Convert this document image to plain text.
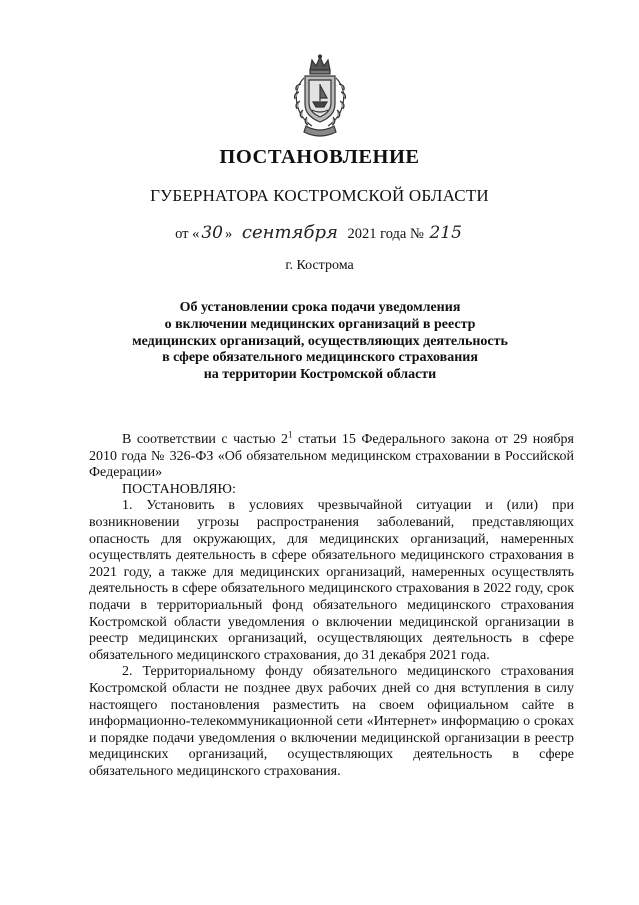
ПОСТАНОВЛЕНИЕ
ГУБЕРНАТОРА КОСТРОМСКОЙ ОБЛАСТИ
от « 30 » сентября 2021 года № 215
г. Кострома
Об установлении срока подачи уведомления
о включении медицинских организаций в реестр
медицинских организаций, осуществляющих деятельность
в сфере обязательного медицинского страхования
на территории Костромской области

В соответствии с частью $2^1$ статьи 15 Федерального закона от 29 ноября 2010 года № 326-ФЗ «Об обязательном медицинском страховании в Российской Федерации»

ПОСТАНОВЛЯЮ:

1. Установить в условиях чрезвычайной ситуации и (или) при возникновении угрозы распространения заболеваний, представляющих опасность для окружающих, для медицинских организаций, намеренных осуществлять деятельность в сфере обязательного медицинского страхования в 2021 году, а также для медицинских организаций, намеренных осуществлять деятельность в сфере обязательного медицинского страхования в 2022 году, срок подачи в территориальный фонд обязательного медицинского страхования Костромской области уведомления о включении медицинской организации в реестр медицинских организаций, осуществляющих деятельность в сфере обязательного медицинского страхования, до 31 декабря 2021 года.

2. Территориальному фонду обязательного медицинского страхования Костромской области не позднее двух рабочих дней со дня вступления в силу настоящего постановления разместить на своем официальном сайте в информационно-телекоммуникационной сети «Интернет» информацию о сроках и порядке подачи уведомления о включении медицинской организации в реестр медицинских организаций, осуществляющих деятельность в сфере обязательного медицинского страхования.
